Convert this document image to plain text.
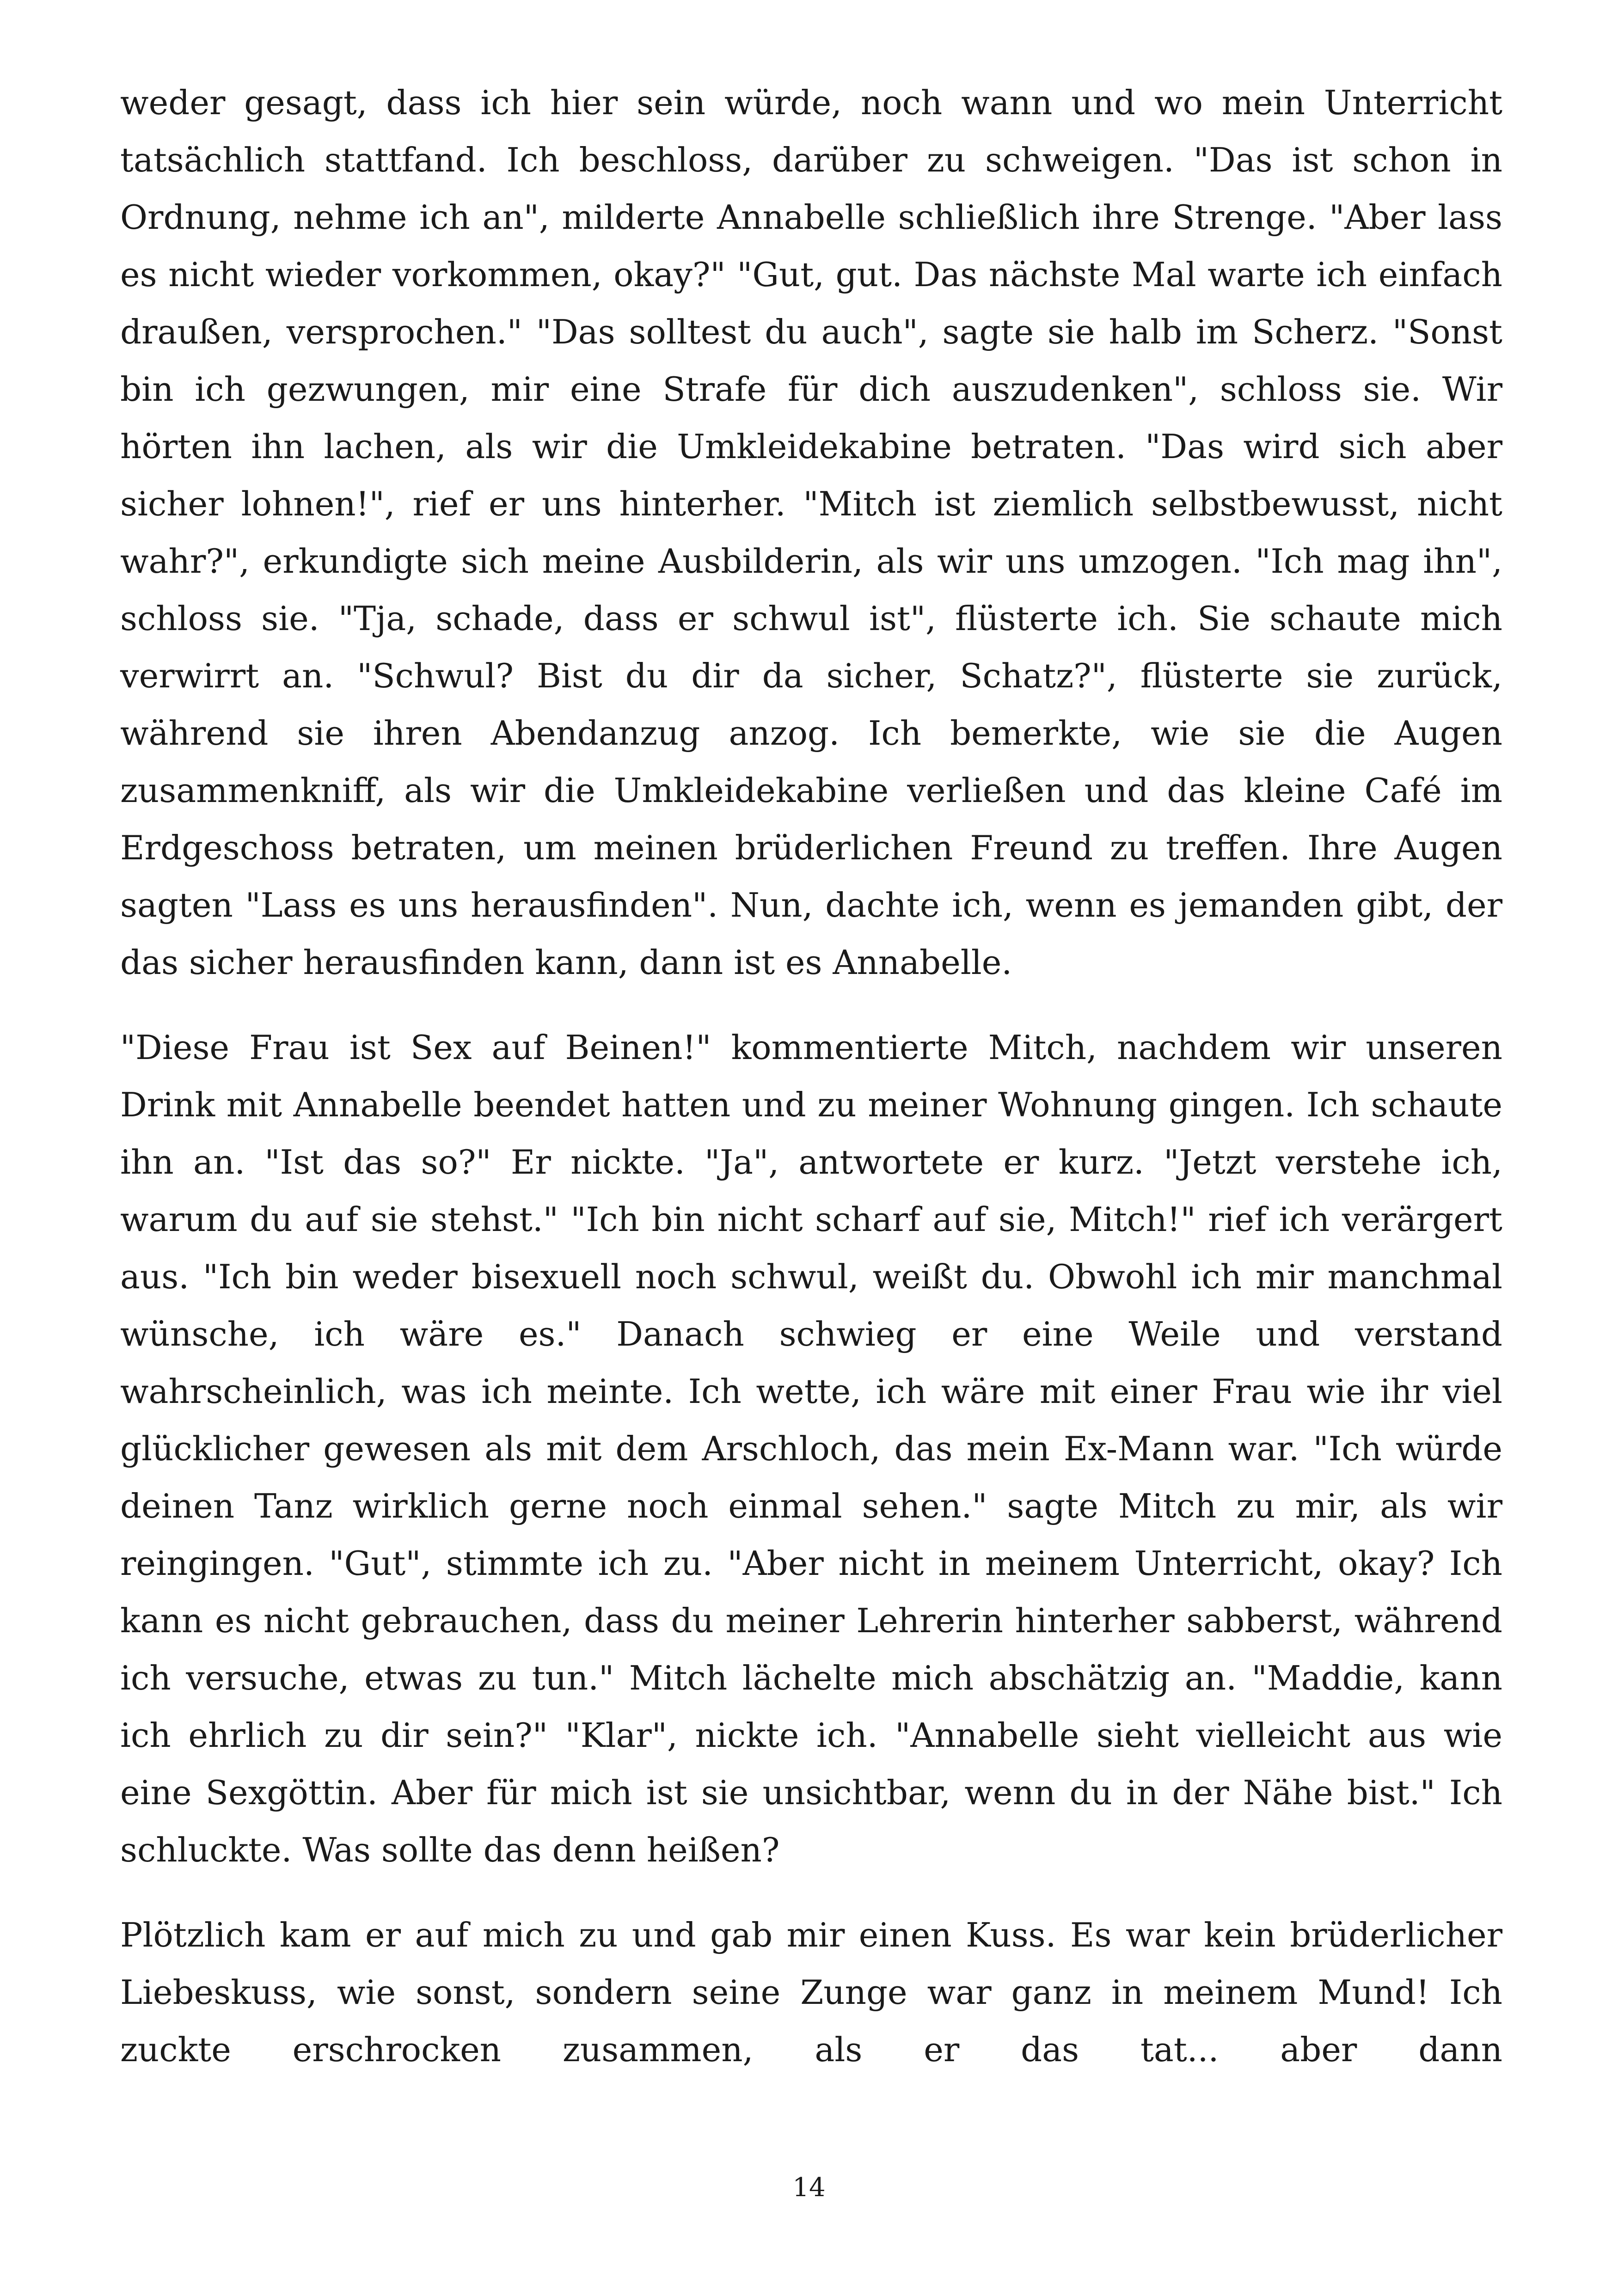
weder gesagt, dass ich hier sein würde, noch wann und wo mein Unterricht tatsächlich stattfand. Ich beschloss, darüber zu schweigen. "Das ist schon in Ordnung, nehme ich an", milderte Annabelle schließlich ihre Strenge. "Aber lass es nicht wieder vorkommen, okay?" "Gut, gut. Das nächste Mal warte ich einfach draußen, versprochen." "Das solltest du auch", sagte sie halb im Scherz. "Sonst bin ich gezwungen, mir eine Strafe für dich auszudenken", schloss sie. Wir hörten ihn lachen, als wir die Umkleidekabine betraten. "Das wird sich aber sicher lohnen!", rief er uns hinterher. "Mitch ist ziemlich selbstbewusst, nicht wahr?", erkundigte sich meine Ausbilderin, als wir uns umzogen. "Ich mag ihn", schloss sie. "Tja, schade, dass er schwul ist", flüsterte ich. Sie schaute mich verwirrt an. "Schwul? Bist du dir da sicher, Schatz?", flüsterte sie zurück, während sie ihren Abendanzug anzog. Ich bemerkte, wie sie die Augen zusammenkniff, als wir die Umkleidekabine verließen und das kleine Café im Erdgeschoss betraten, um meinen brüderlichen Freund zu treffen. Ihre Augen sagten "Lass es uns herausfinden". Nun, dachte ich, wenn es jemanden gibt, der das sicher herausfinden kann, dann ist es Annabelle.

"Diese Frau ist Sex auf Beinen!" kommentierte Mitch, nachdem wir unseren Drink mit Annabelle beendet hatten und zu meiner Wohnung gingen. Ich schaute ihn an. "Ist das so?" Er nickte. "Ja", antwortete er kurz. "Jetzt verstehe ich, warum du auf sie stehst." "Ich bin nicht scharf auf sie, Mitch!" rief ich verärgert aus. "Ich bin weder bisexuell noch schwul, weißt du. Obwohl ich mir manchmal wünsche, ich wäre es." Danach schwieg er eine Weile und verstand wahrscheinlich, was ich meinte. Ich wette, ich wäre mit einer Frau wie ihr viel glücklicher gewesen als mit dem Arschloch, das mein Ex-Mann war. "Ich würde deinen Tanz wirklich gerne noch einmal sehen." sagte Mitch zu mir, als wir reingingen. "Gut", stimmte ich zu. "Aber nicht in meinem Unterricht, okay? Ich kann es nicht gebrauchen, dass du meiner Lehrerin hinterher sabberst, während ich versuche, etwas zu tun." Mitch lächelte mich abschätzig an. "Maddie, kann ich ehrlich zu dir sein?" "Klar", nickte ich. "Annabelle sieht vielleicht aus wie eine Sexgöttin. Aber für mich ist sie unsichtbar, wenn du in der Nähe bist." Ich schluckte. Was sollte das denn heißen?

Plötzlich kam er auf mich zu und gab mir einen Kuss. Es war kein brüderlicher Liebeskuss, wie sonst, sondern seine Zunge war ganz in meinem Mund! Ich zuckte erschrocken zusammen, als er das tat... aber dann

14
